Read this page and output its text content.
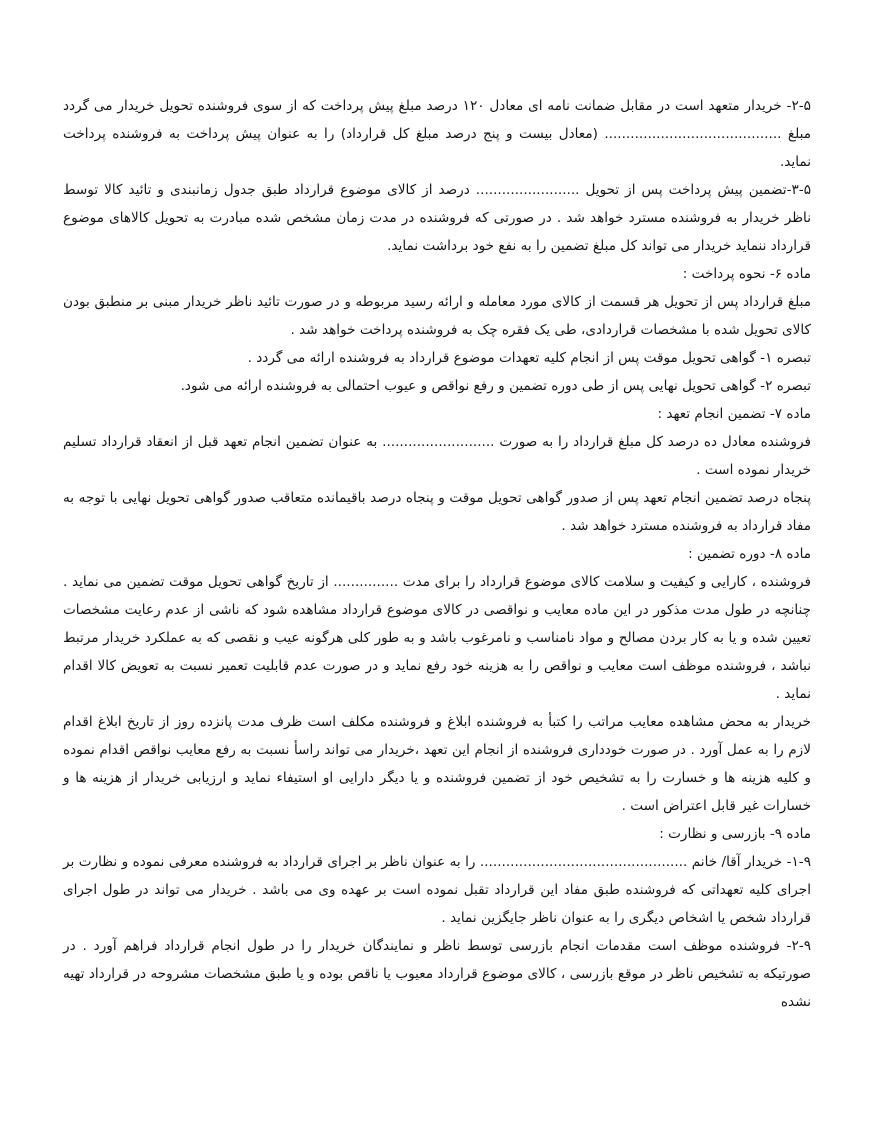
۲-۵- خریدار متعهد است در مقابل ضمانت نامه ای معادل ۱۲۰ درصد مبلغ پیش پرداخت که از سوی فروشنده تحویل خریدار می گردد مبلغ ......................................... (معادل بیست و پنج درصد مبلغ کل قرارداد) را به عنوان پیش پرداخت به فروشنده پرداخت نماید.

۳-۵-تضمین پیش پرداخت پس از تحویل ........................ درصد از کالای موضوع قرارداد طبق جدول زمانبندی و تائید کالا توسط ناظر خریدار به فروشنده مسترد خواهد شد . در صورتی که فروشنده در مدت زمان مشخص شده مبادرت به تحویل کالاهای موضوع قرارداد ننماید خریدار می تواند کل مبلغ تضمین را به نفع خود برداشت نماید.

ماده ۶- نحوه پرداخت :

مبلغ قرارداد پس از تحویل هر قسمت از کالای مورد معامله و ارائه رسید مربوطه و در صورت تائید ناظر خریدار مبنی بر منطبق بودن کالای تحویل شده با مشخصات قراردادی، طی یک فقره چک به فروشنده پرداخت خواهد شد .

تبصره ۱- گواهی تحویل موقت پس از انجام کلیه تعهدات موضوع قرارداد به فروشنده ارائه می گردد .

تبصره ۲- گواهی تحویل نهایی پس از طی دوره تضمین و رفع نواقص و عیوب احتمالی به فروشنده ارائه می شود.

ماده ۷- تضمین انجام تعهد :

فروشنده معادل ده درصد کل مبلغ قرارداد را به صورت .......................... به عنوان تضمین انجام تعهد قبل از انعقاد قرارداد تسلیم خریدار نموده است .

پنجاه درصد تضمین انجام تعهد پس از صدور گواهی تحویل موقت و پنجاه درصد باقیمانده متعاقب صدور گواهی تحویل نهایی با توجه به مفاد قرارداد به فروشنده مسترد خواهد شد .

ماده ۸- دوره تضمین :

فروشنده ، کارایی و کیفیت و سلامت کالای موضوع قرارداد را برای مدت ............... از تاریخ گواهی تحویل موقت تضمین می نماید . چنانچه در طول مدت مذکور در این ماده معایب و نواقصی در کالای موضوع قرارداد مشاهده شود که ناشی از عدم رعایت مشخصات تعیین شده و یا به کار بردن مصالح و مواد نامناسب و نامرغوب باشد و به طور کلی هرگونه عیب و نقصی که به عملکرد خریدار مرتبط نباشد ، فروشنده موظف است معایب و نواقص را به هزینه خود رفع نماید و در صورت عدم قابلیت تعمیر نسبت به تعویض کالا اقدام نماید .

خریدار به محض مشاهده معایب مراتب را کتبأ به فروشنده ابلاغ و فروشنده مکلف است ظرف مدت پانزده روز از تاریخ ابلاغ اقدام لازم را به عمل آورد . در صورت خودداری فروشنده از انجام این تعهد ،خریدار می تواند راسأ نسبت به رفع معایب نواقص اقدام نموده و کلیه هزینه ها و خسارت را به تشخیص خود از تضمین فروشنده و یا دیگر دارایی او استیفاء نماید و ارزیابی خریدار از هزینه ها و خسارات غیر قابل اعتراض است .

ماده ۹- بازرسی و نظارت :

۱-۹- خریدار آقا/ خانم ................................................ را به عنوان ناظر بر اجرای قرارداد به فروشنده معرفی نموده و نظارت بر اجرای کلیه تعهداتی که فروشنده طبق مفاد این قرارداد تقبل نموده است بر عهده وی می باشد . خریدار می تواند در طول اجرای قرارداد شخص یا اشخاص دیگری را به عنوان ناظر جایگزین نماید .

۲-۹- فروشنده موظف است مقدمات انجام بازرسی توسط ناظر و نمایندگان خریدار را در طول انجام قرارداد فراهم آورد . در صورتیکه به تشخیص ناظر در موقع بازرسی ، کالای موضوع قرارداد معیوب یا ناقص بوده و یا طبق مشخصات مشروحه در قرارداد تهیه نشده
